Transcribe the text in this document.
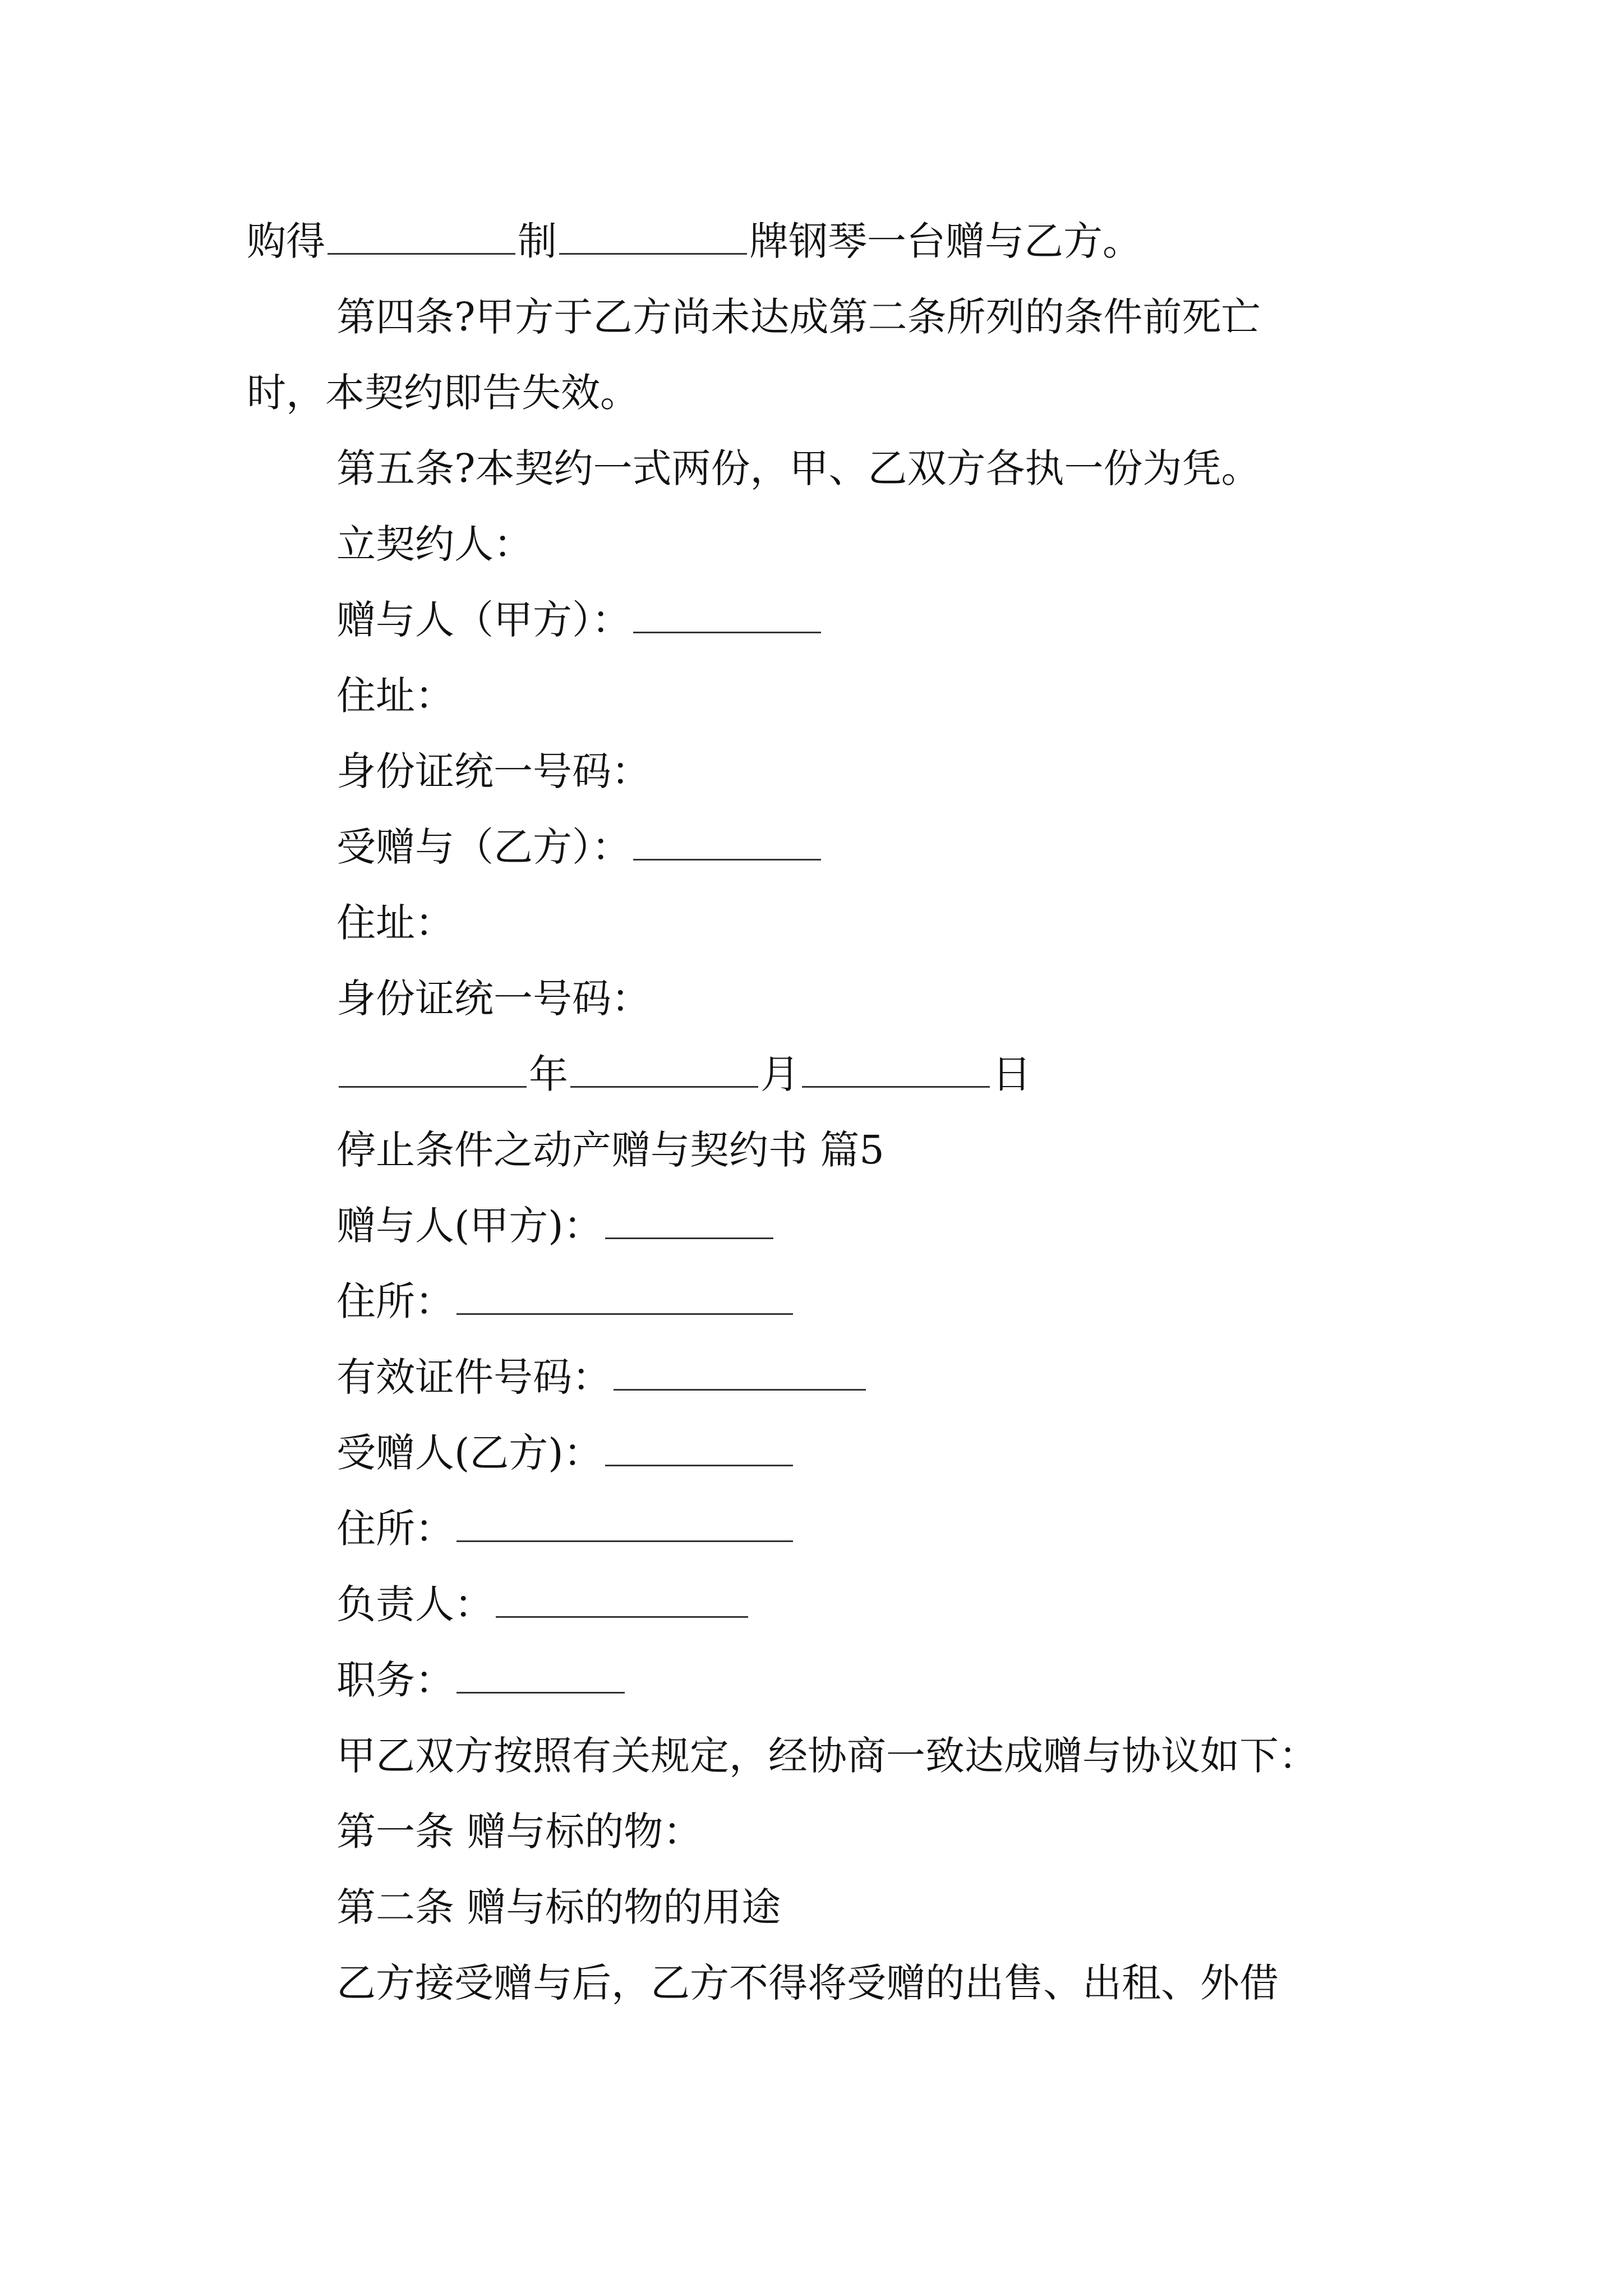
购得	制	牌钢琴一台赠与乙方。
第四条?甲方于乙方尚未达成第二条所列的条件前死亡
时，本契约即告失效。
第五条?本契约一式两份，甲、乙双方各执一份为凭。
立契约人：
赠与人（甲方）：
住址：
身份证统一号码：
受赠与（乙方）：
住址：
身份证统一号码：
年	月	日
停止条件之动产赠与契约书 篇5
赠与人(甲方)：
住所：
有效证件号码：
受赠人(乙方)：
住所：
负责人：
职务：
甲乙双方按照有关规定，经协商一致达成赠与协议如下：
第一条 赠与标的物：
第二条 赠与标的物的用途
乙方接受赠与后，乙方不得将受赠的出售、出租、外借
